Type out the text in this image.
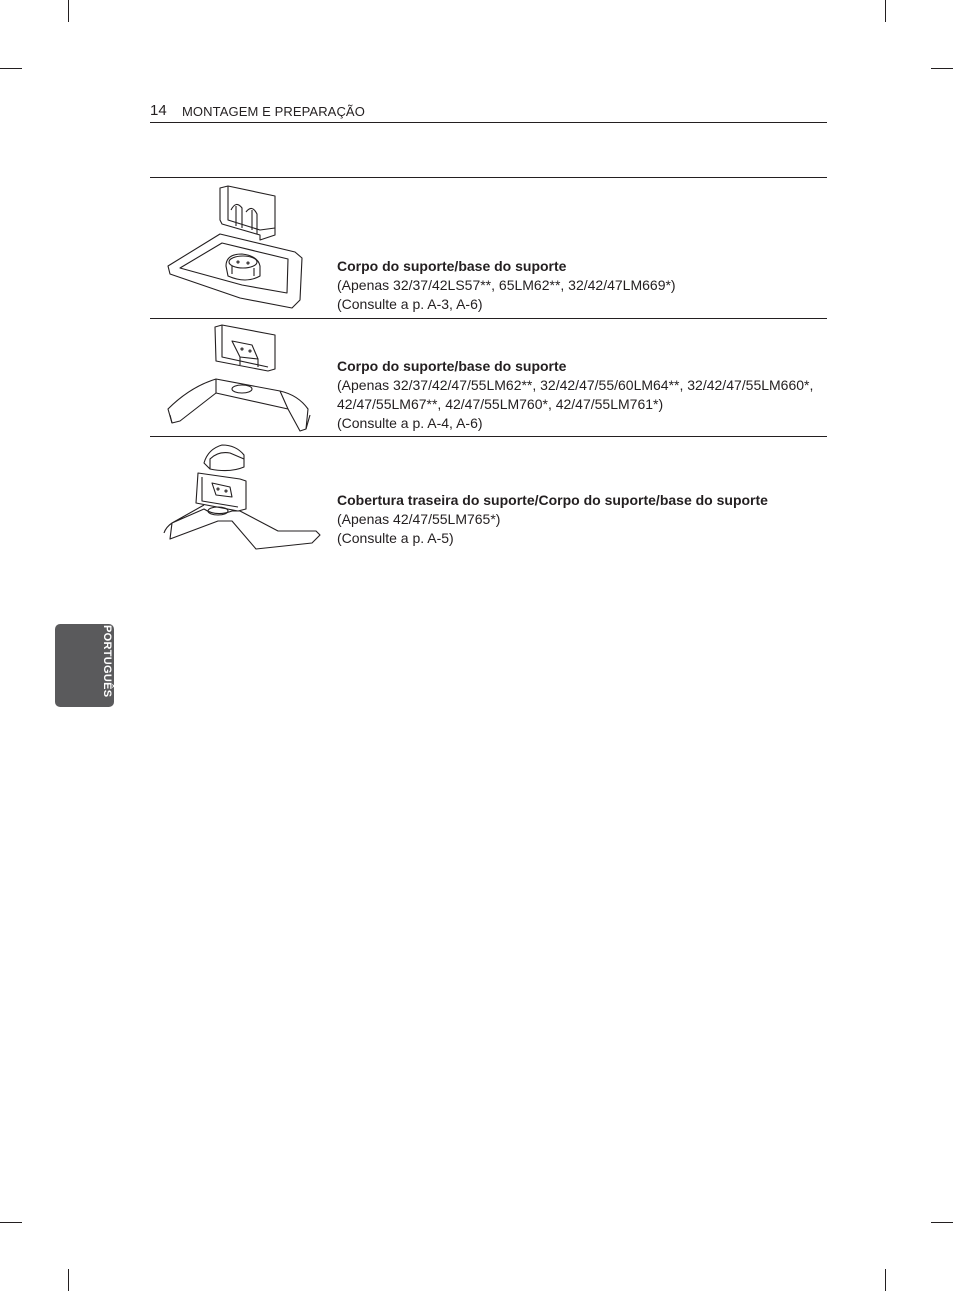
14 MONTAGEM E PREPARAÇÃO
Corpo do suporte/base do suporte
(Apenas 32/37/42LS57**, 65LM62**, 32/42/47LM669*)
(Consulte a p. A-3, A-6)
Corpo do suporte/base do suporte
(Apenas 32/37/42/47/55LM62**, 32/42/47/55/60LM64**, 32/42/47/55LM660*,
42/47/55LM67**, 42/47/55LM760*, 42/47/55LM761*)
(Consulte a p. A-4, A-6)
Cobertura traseira do suporte/Corpo do suporte/base do suporte
(Apenas 42/47/55LM765*)
(Consulte a p. A-5)
PORTUGUÊS
